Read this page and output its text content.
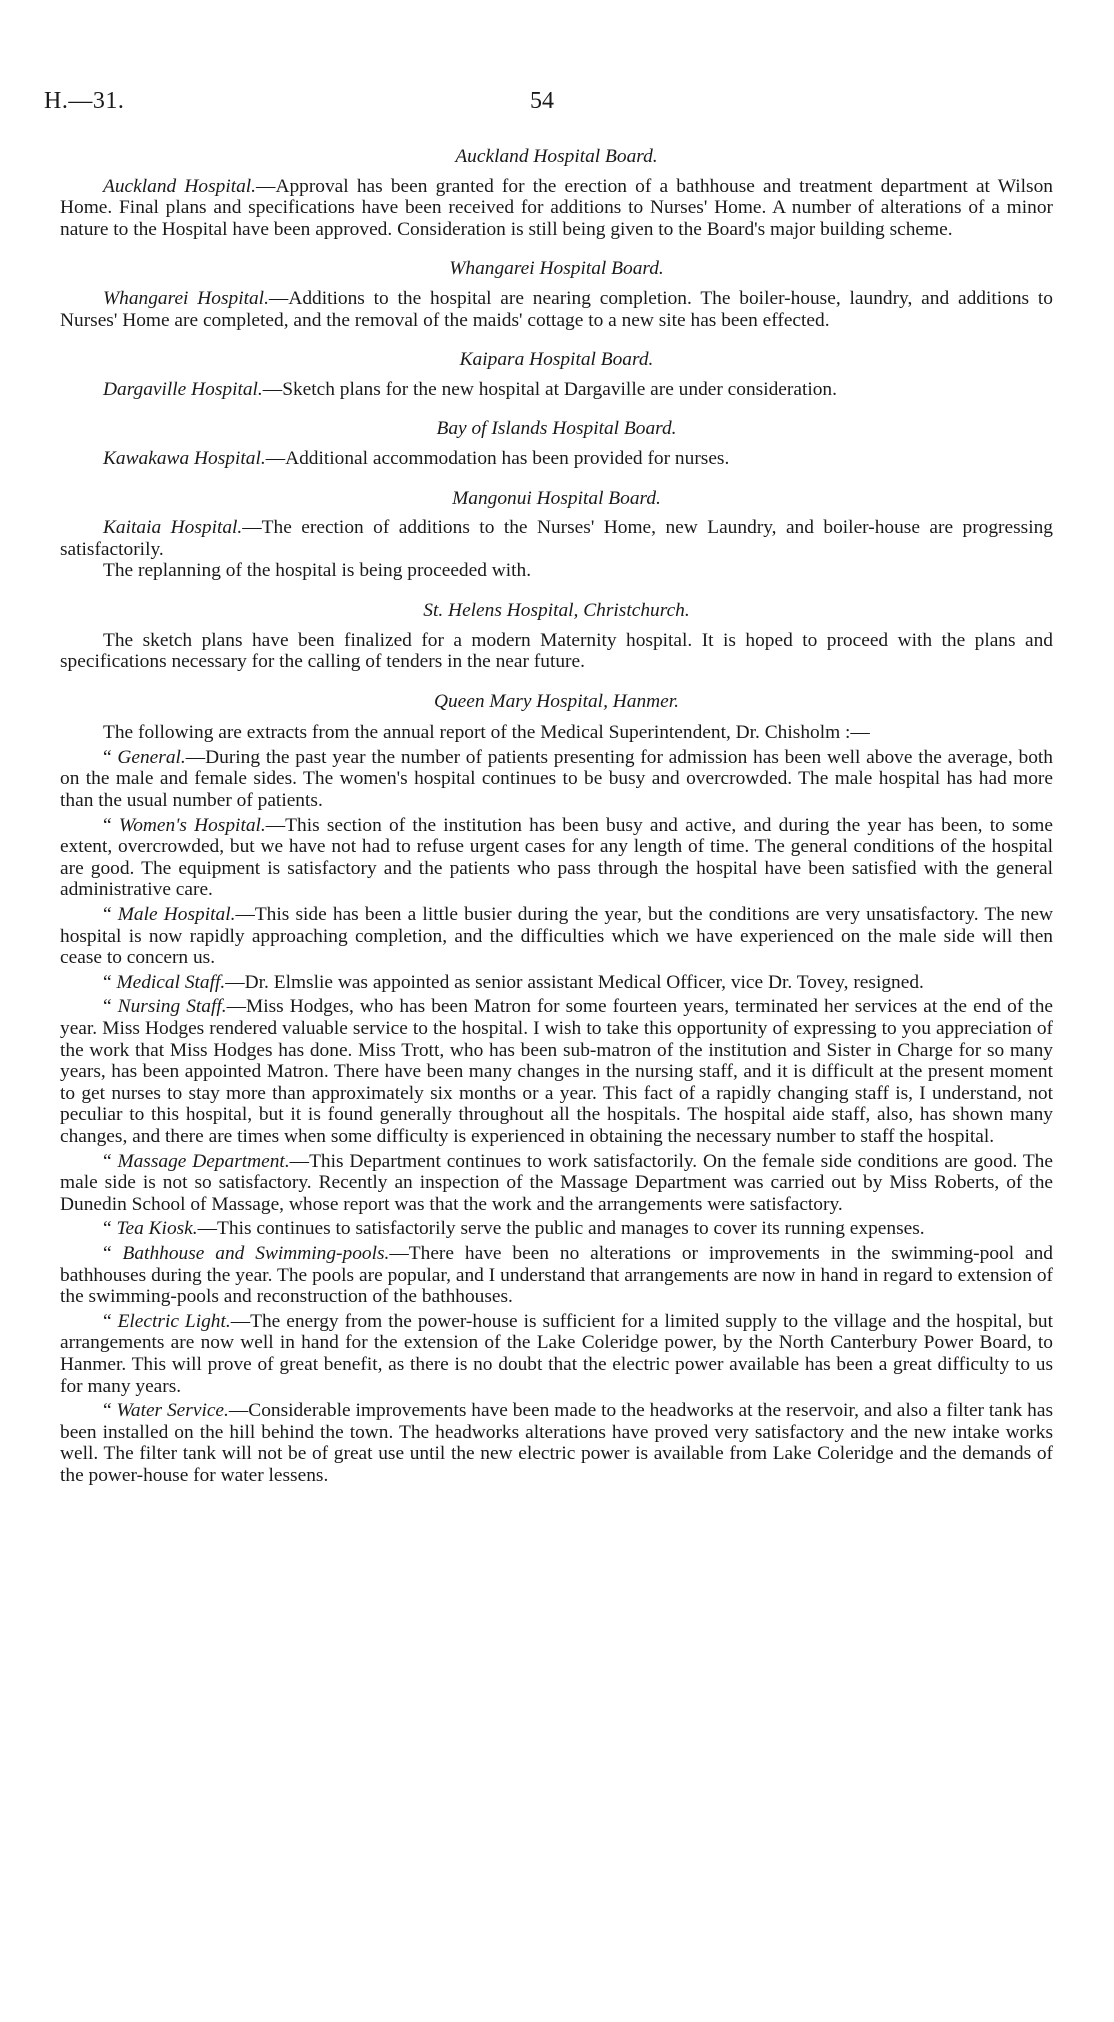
H.—31.	54
Auckland Hospital Board.

Auckland Hospital.—Approval has been granted for the erection of a bathhouse and treatment department at Wilson Home. Final plans and specifications have been received for additions to Nurses' Home. A number of alterations of a minor nature to the Hospital have been approved. Consideration is still being given to the Board's major building scheme.

Whangarei Hospital Board.

Whangarei Hospital.—Additions to the hospital are nearing completion. The boiler-house, laundry, and additions to Nurses' Home are completed, and the removal of the maids' cottage to a new site has been effected.

Kaipara Hospital Board.

Dargaville Hospital.—Sketch plans for the new hospital at Dargaville are under consideration.

Bay of Islands Hospital Board.

Kawakawa Hospital.—Additional accommodation has been provided for nurses.

Mangonui Hospital Board.

Kaitaia Hospital.—The erection of additions to the Nurses' Home, new Laundry, and boiler-house are progressing satisfactorily.

The replanning of the hospital is being proceeded with.

St. Helens Hospital, Christchurch.

The sketch plans have been finalized for a modern Maternity hospital. It is hoped to proceed with the plans and specifications necessary for the calling of tenders in the near future.

Queen Mary Hospital, Hanmer.

The following are extracts from the annual report of the Medical Superintendent, Dr. Chisholm :—

“ General.—During the past year the number of patients presenting for admission has been well above the average, both on the male and female sides. The women's hospital continues to be busy and overcrowded. The male hospital has had more than the usual number of patients.

“ Women's Hospital.—This section of the institution has been busy and active, and during the year has been, to some extent, overcrowded, but we have not had to refuse urgent cases for any length of time. The general conditions of the hospital are good. The equipment is satisfactory and the patients who pass through the hospital have been satisfied with the general administrative care.

“ Male Hospital.—This side has been a little busier during the year, but the conditions are very unsatisfactory. The new hospital is now rapidly approaching completion, and the difficulties which we have experienced on the male side will then cease to concern us.

“ Medical Staff.—Dr. Elmslie was appointed as senior assistant Medical Officer, vice Dr. Tovey, resigned.

“ Nursing Staff.—Miss Hodges, who has been Matron for some fourteen years, terminated her services at the end of the year. Miss Hodges rendered valuable service to the hospital. I wish to take this opportunity of expressing to you appreciation of the work that Miss Hodges has done. Miss Trott, who has been sub-matron of the institution and Sister in Charge for so many years, has been appointed Matron. There have been many changes in the nursing staff, and it is difficult at the present moment to get nurses to stay more than approximately six months or a year. This fact of a rapidly changing staff is, I understand, not peculiar to this hospital, but it is found generally throughout all the hospitals. The hospital aide staff, also, has shown many changes, and there are times when some difficulty is experienced in obtaining the necessary number to staff the hospital.

“ Massage Department.—This Department continues to work satisfactorily. On the female side conditions are good. The male side is not so satisfactory. Recently an inspection of the Massage Department was carried out by Miss Roberts, of the Dunedin School of Massage, whose report was that the work and the arrangements were satisfactory.

“ Tea Kiosk.—This continues to satisfactorily serve the public and manages to cover its running expenses.

“ Bathhouse and Swimming-pools.—There have been no alterations or improvements in the swimming-pool and bathhouses during the year. The pools are popular, and I understand that arrangements are now in hand in regard to extension of the swimming-pools and reconstruction of the bathhouses.

“ Electric Light.—The energy from the power-house is sufficient for a limited supply to the village and the hospital, but arrangements are now well in hand for the extension of the Lake Coleridge power, by the North Canterbury Power Board, to Hanmer. This will prove of great benefit, as there is no doubt that the electric power available has been a great difficulty to us for many years.

“ Water Service.—Considerable improvements have been made to the headworks at the reservoir, and also a filter tank has been installed on the hill behind the town. The headworks alterations have proved very satisfactory and the new intake works well. The filter tank will not be of great use until the new electric power is available from Lake Coleridge and the demands of the power-house for water lessens.
